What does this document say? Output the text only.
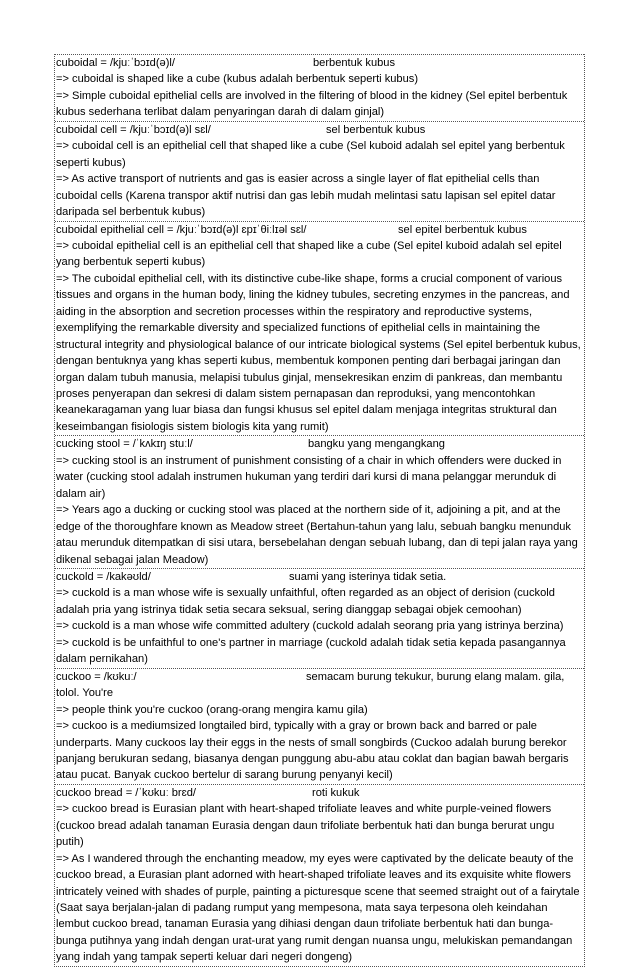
cuboidal = /kjuːˈbɔɪd(ə)l/	berbentuk kubus
=> cuboidal is shaped like a cube (kubus adalah berbentuk seperti kubus)
=> Simple cuboidal epithelial cells are involved in the filtering of blood in the kidney (Sel epitel berbentuk kubus sederhana terlibat dalam penyaringan darah di dalam ginjal)
cuboidal cell = /kjuːˈbɔɪd(ə)l sɛl/	sel berbentuk kubus
=> cuboidal cell is an epithelial cell that shaped like a cube (Sel kuboid adalah sel epitel yang berbentuk seperti kubus)
=> As active transport of nutrients and gas is easier across a single layer of flat epithelial cells than cuboidal cells (Karena transpor aktif nutrisi dan gas lebih mudah melintasi satu lapisan sel epitel datar daripada sel berbentuk kubus)
cuboidal epithelial cell = /kjuːˈbɔɪd(ə)l ɛpɪˈθiːlɪəl sɛl/	sel epitel berbentuk kubus
=> cuboidal epithelial cell is an epithelial cell that shaped like a cube (Sel epitel kuboid adalah sel epitel yang berbentuk seperti kubus)
=> The cuboidal epithelial cell, with its distinctive cube-like shape, forms a crucial component of various tissues and organs in the human body, lining the kidney tubules, secreting enzymes in the pancreas, and aiding in the absorption and secretion processes within the respiratory and reproductive systems, exemplifying the remarkable diversity and specialized functions of epithelial cells in maintaining the structural integrity and physiological balance of our intricate biological systems (Sel epitel berbentuk kubus, dengan bentuknya yang khas seperti kubus, membentuk komponen penting dari berbagai jaringan dan organ dalam tubuh manusia, melapisi tubulus ginjal, mensekresikan enzim di pankreas, dan membantu proses penyerapan dan sekresi di dalam sistem pernapasan dan reproduksi, yang mencontohkan keanekaragaman yang luar biasa dan fungsi khusus sel epitel dalam menjaga integritas struktural dan keseimbangan fisiologis sistem biologis kita yang rumit)
cucking stool = /ˈkʌkɪŋ stuːl/	bangku yang mengangkang
=> cucking stool is an instrument of punishment consisting of a chair in which offenders were ducked in water (cucking stool adalah instrumen hukuman yang terdiri dari kursi di mana pelanggar merunduk di dalam air)
=> Years ago a ducking or cucking stool was placed at the northern side of it, adjoining a pit, and at the edge of the thoroughfare known as Meadow street (Bertahun-tahun yang lalu, sebuah bangku menunduk atau merunduk ditempatkan di sisi utara, bersebelahan dengan sebuah lubang, dan di tepi jalan raya yang dikenal sebagai jalan Meadow)
cuckold = /kakəʊld/	suami yang isterinya tidak setia.
=> cuckold is a man whose wife is sexually unfaithful, often regarded as an object of derision (cuckold adalah pria yang istrinya tidak setia secara seksual, sering dianggap sebagai objek cemoohan)
=> cuckold is a man whose wife committed adultery (cuckold adalah seorang pria yang istrinya berzina)
=> cuckold is be unfaithful to one's partner in marriage (cuckold adalah tidak setia kepada pasangannya dalam pernikahan)
cuckoo = /kʊkuː/	semacam burung tekukur, burung elang malam. gila, tolol. You're
=> people think you're cuckoo (orang-orang mengira kamu gila)
=> cuckoo is a mediumsized longtailed bird, typically with a gray or brown back and barred or pale underparts. Many cuckoos lay their eggs in the nests of small songbirds (Cuckoo adalah burung berekor panjang berukuran sedang, biasanya dengan punggung abu-abu atau coklat dan bagian bawah bergaris atau pucat. Banyak cuckoo bertelur di sarang burung penyanyi kecil)
cuckoo bread = /ˈkʊkuː brɛd/	roti kukuk
=> cuckoo bread is Eurasian plant with heart-shaped trifoliate leaves and white purple-veined flowers (cuckoo bread adalah tanaman Eurasia dengan daun trifoliate berbentuk hati dan bunga berurat ungu putih)
=> As I wandered through the enchanting meadow, my eyes were captivated by the delicate beauty of the cuckoo bread, a Eurasian plant adorned with heart-shaped trifoliate leaves and its exquisite white flowers intricately veined with shades of purple, painting a picturesque scene that seemed straight out of a fairytale (Saat saya berjalan-jalan di padang rumput yang mempesona, mata saya terpesona oleh keindahan lembut cuckoo bread, tanaman Eurasia yang dihiasi dengan daun trifoliate berbentuk hati dan bunga-bunga putihnya yang indah dengan urat-urat yang rumit dengan nuansa ungu, melukiskan pemandangan yang indah yang tampak seperti keluar dari negeri dongeng)
